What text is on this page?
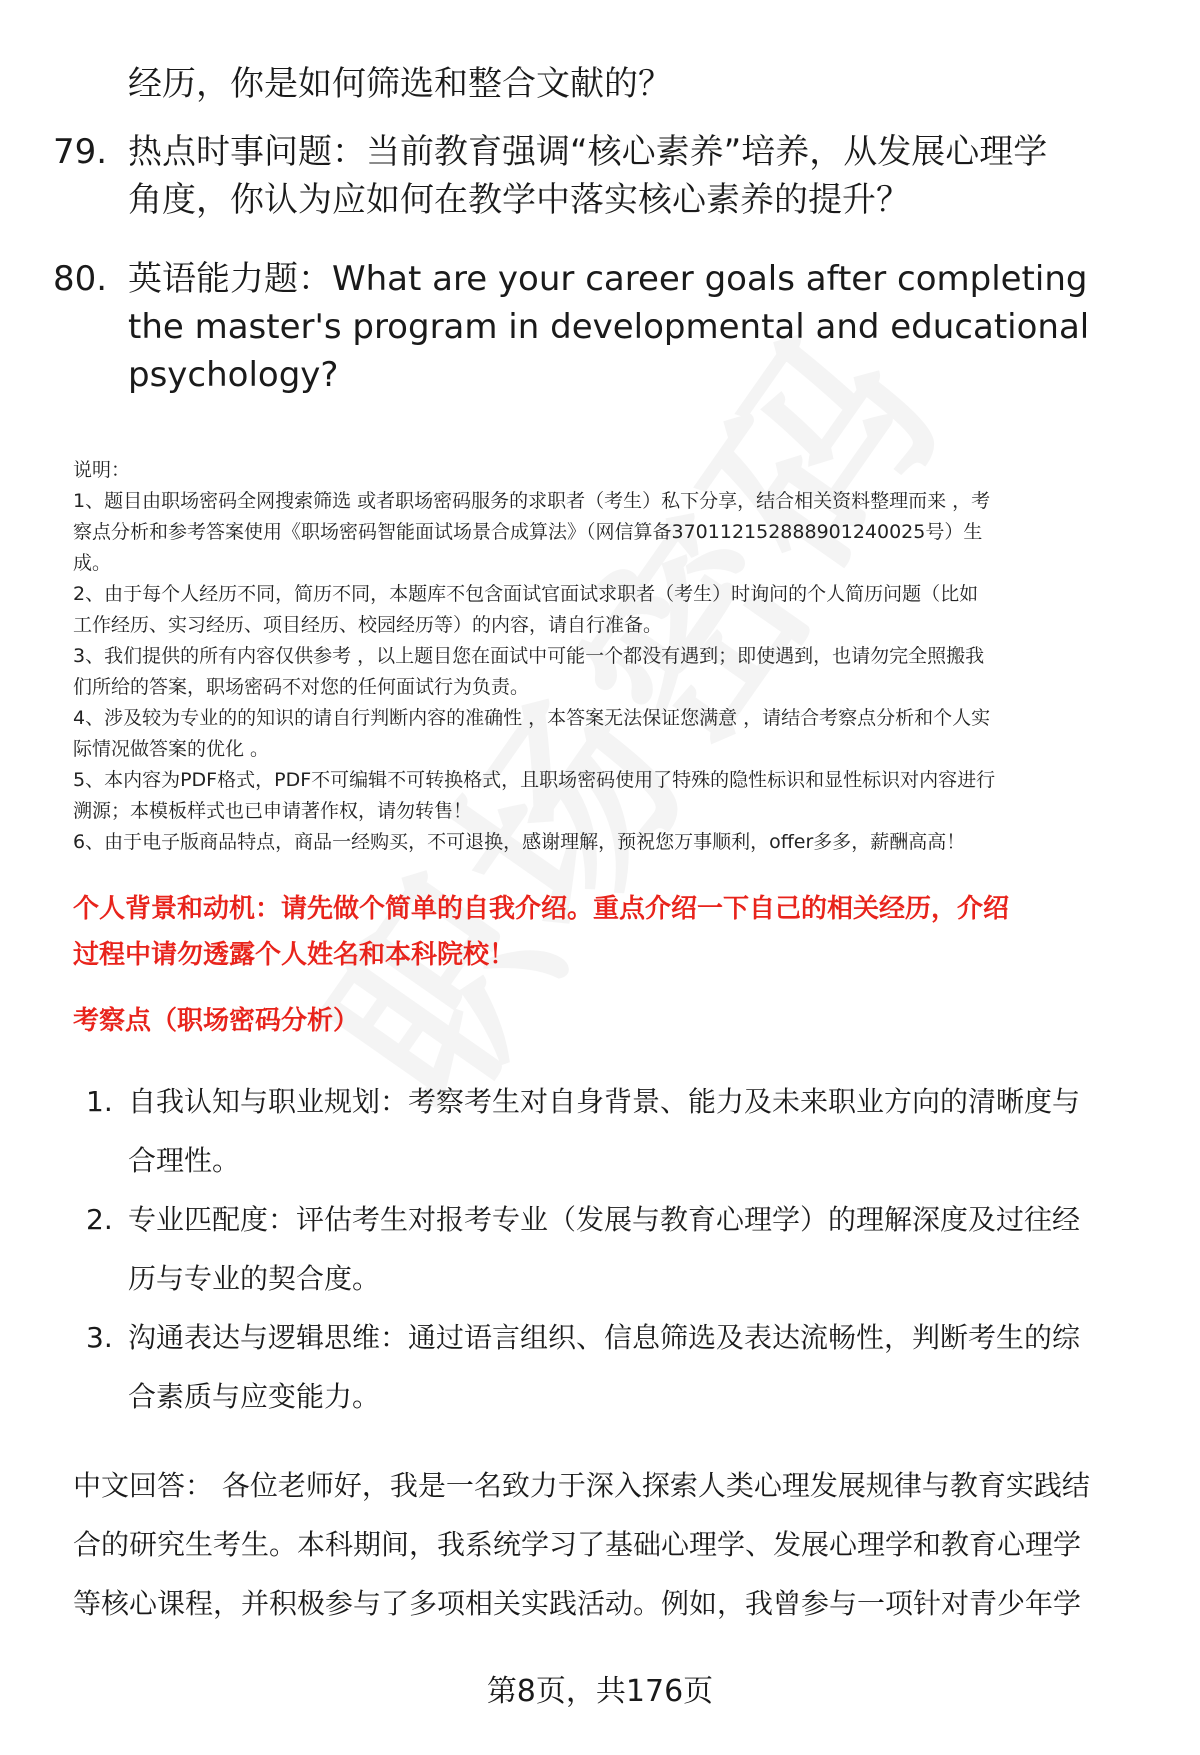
经历，你是如何筛选和整合文献的？
79. 热点时事问题：当前教育强调“核心素养”培养，从发展心理学
角度，你认为应如何在教学中落实核心素养的提升？
80. 英语能力题：What are your career goals after completing
the master's program in developmental and educational
psychology?
说明：
1、题目由职场密码全网搜索筛选 或者职场密码服务的求职者（考生）私下分享，结合相关资料整理而来 ，考
察点分析和参考答案使用《职场密码智能面试场景合成算法》（网信算备370112152888901240025号）生
成。
2、由于每个人经历不同，简历不同，本题库不包含面试官面试求职者（考生）时询问的个人简历问题（比如
工作经历、实习经历、项目经历、校园经历等）的内容，请自行准备。
3、我们提供的所有内容仅供参考 ，以上题目您在面试中可能一个都没有遇到；即使遇到，也请勿完全照搬我
们所给的答案，职场密码不对您的任何面试行为负责。
4、涉及较为专业的的知识的请自行判断内容的准确性 ，本答案无法保证您满意 ，请结合考察点分析和个人实
际情况做答案的优化 。
5、本内容为PDF格式，PDF不可编辑不可转换格式，且职场密码使用了特殊的隐性标识和显性标识对内容进行
溯源；本模板样式也已申请著作权，请勿转售！
6、由于电子版商品特点，商品一经购买，不可退换，感谢理解，预祝您万事顺利，offer多多，薪酬高高！
个人背景和动机：请先做个简单的自我介绍。重点介绍一下自己的相关经历，介绍
过程中请勿透露个人姓名和本科院校！
考察点（职场密码分析）
1. 自我认知与职业规划：考察考生对自身背景、能力及未来职业方向的清晰度与
合理性。
2. 专业匹配度：评估考生对报考专业（发展与教育心理学）的理解深度及过往经
历与专业的契合度。
3. 沟通表达与逻辑思维：通过语言组织、信息筛选及表达流畅性，判断考生的综
合素质与应变能力。
中文回答： 各位老师好，我是一名致力于深入探索人类心理发展规律与教育实践结
合的研究生考生。本科期间，我系统学习了基础心理学、发展心理学和教育心理学
等核心课程，并积极参与了多项相关实践活动。例如，我曾参与一项针对青少年学
第8页，共176页
